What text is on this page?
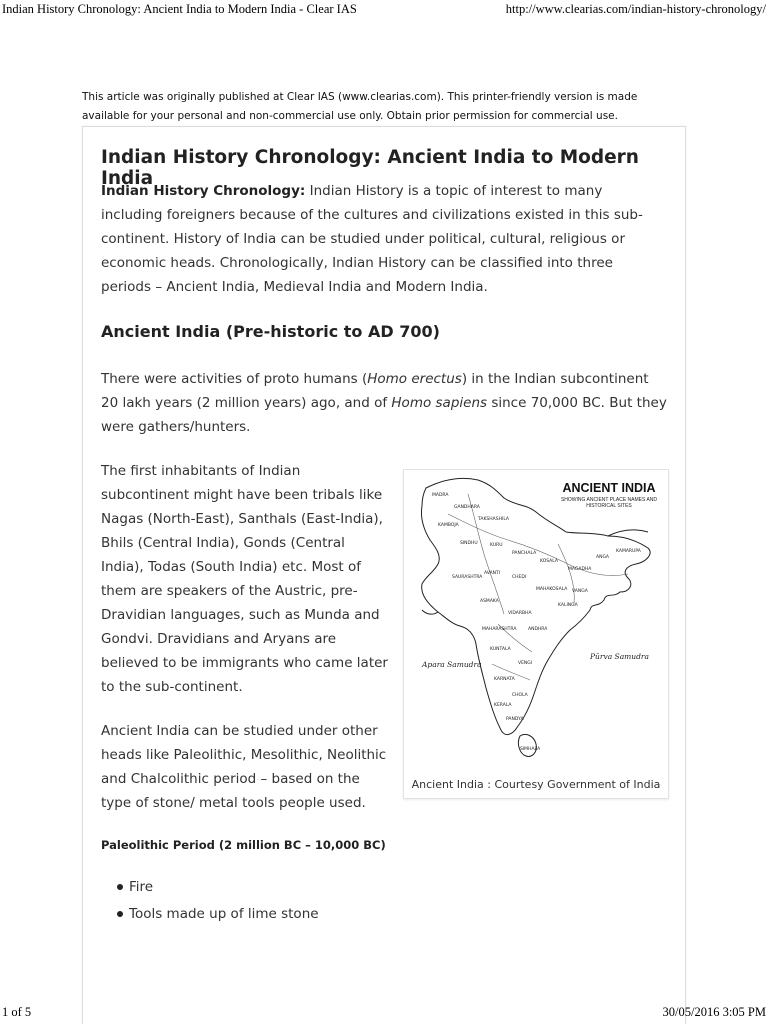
Indian History Chronology: Ancient India to Modern India - Clear IAS	http://www.clearias.com/indian-history-chronology/
This article was originally published at Clear IAS (www.clearias.com). This printer-friendly version is made available for your personal and non-commercial use only. Obtain prior permission for commercial use.
Indian History Chronology: Ancient India to Modern India

Indian History Chronology: Indian History is a topic of interest to many including foreigners because of the cultures and civilizations existed in this sub-continent. History of India can be studied under political, cultural, religious or economic heads. Chronologically, Indian History can be classified into three periods – Ancient India, Medieval India and Modern India.

Ancient India (Pre-historic to AD 700)

There were activities of proto humans (Homo erectus) in the Indian subcontinent 20 lakh years (2 million years) ago, and of Homo sapiens since 70,000 BC. But they were gathers/hunters.

The first inhabitants of Indian subcontinent might have been tribals like Nagas (North-East), Santhals (East-India), Bhils (Central India), Gonds (Central India), Todas (South India) etc. Most of them are speakers of the Austric, pre-Dravidian languages, such as Munda and Gondvi. Dravidians and Aryans are believed to be immigrants who came later to the sub-continent.

Ancient India can be studied under other heads like Paleolithic, Mesolithic, Neolithic and Chalcolithic period – based on the type of stone/ metal tools people used.

MADRA
GANDHARA
KAMBOJA
TAKSHASHILA
SINDHU	KURU
PANCHALA
KOSALA
MAGADHA
ANGA
KAMARUPA
SAURASHTRA
AVANTI
CHEDI
MAHAKOSALA VANGA
KALINGA
ASMAKA
VIDARBHA
MAHARASHTRA	ANDHRA
KUNTALA
VENGI
KARNATA
CHOLA
KERALA
PANDYA
SIMHALA
ANCIENT INDIA
SHOWING ANCIENT PLACE NAMES AND HISTORICAL SITES
Apara Samudra
Pūrva Samudra
Ancient India : Courtesy Government of India
Paleolithic Period (2 million BC – 10,000 BC)
Fire
Tools made up of lime stone
1 of 5	30/05/2016 3:05 PM
